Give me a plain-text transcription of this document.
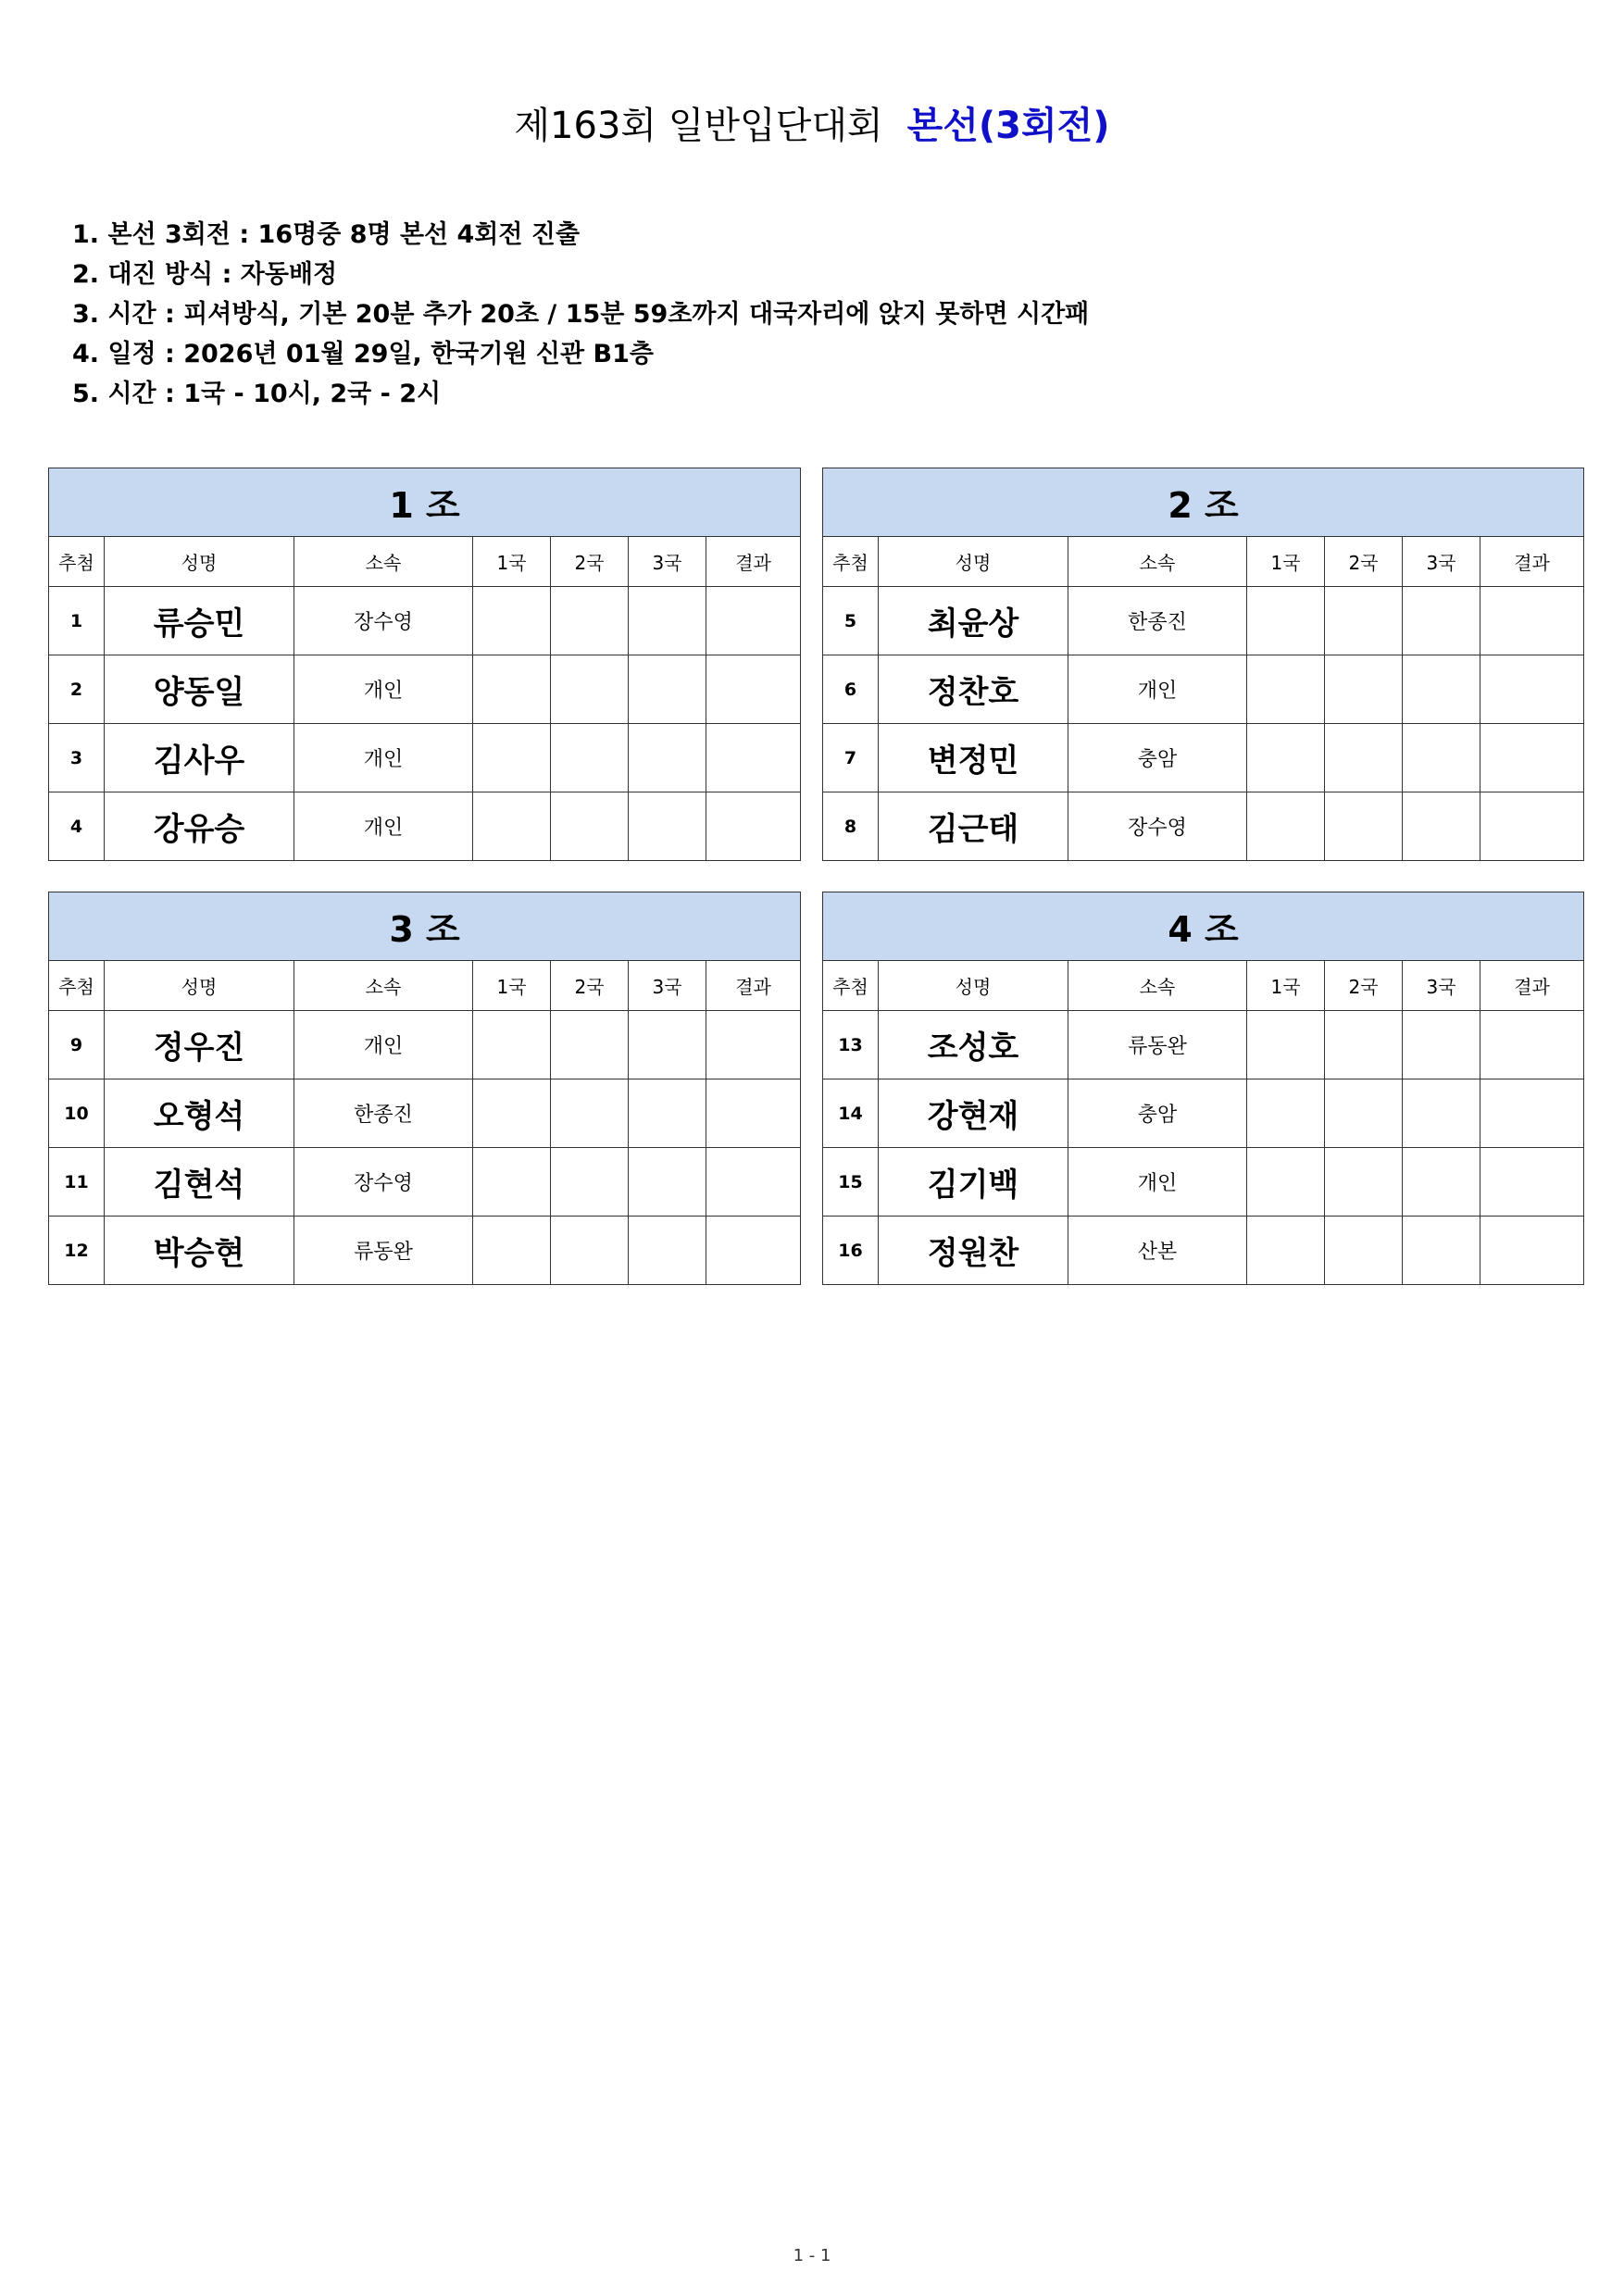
제163회 일반입단대회 본선(3회전)
1. 본선 3회전 : 16명중 8명 본선 4회전 진출
2. 대진 방식 : 자동배정
3. 시간 : 피셔방식, 기본 20분 추가 20초 / 15분 59초까지 대국자리에 앉지 못하면 시간패
4. 일정 : 2026년 01월 29일, 한국기원 신관 B1층
5. 시간 : 1국 - 10시, 2국 - 2시
1 조						
추첨	성명	소속	1국	2국	3국	결과
1	류승민	장수영				
2	양동일	개인				
3	김사우	개인				
4	강유승	개인				
2 조						
추첨	성명	소속	1국	2국	3국	결과
5	최윤상	한종진				
6	정찬호	개인				
7	변정민	충암				
8	김근태	장수영				
3 조						
추첨	성명	소속	1국	2국	3국	결과
9	정우진	개인				
10	오형석	한종진				
11	김현석	장수영				
12	박승현	류동완				
4 조						
추첨	성명	소속	1국	2국	3국	결과
13	조성호	류동완				
14	강현재	충암				
15	김기백	개인				
16	정원찬	산본				
1 - 1
